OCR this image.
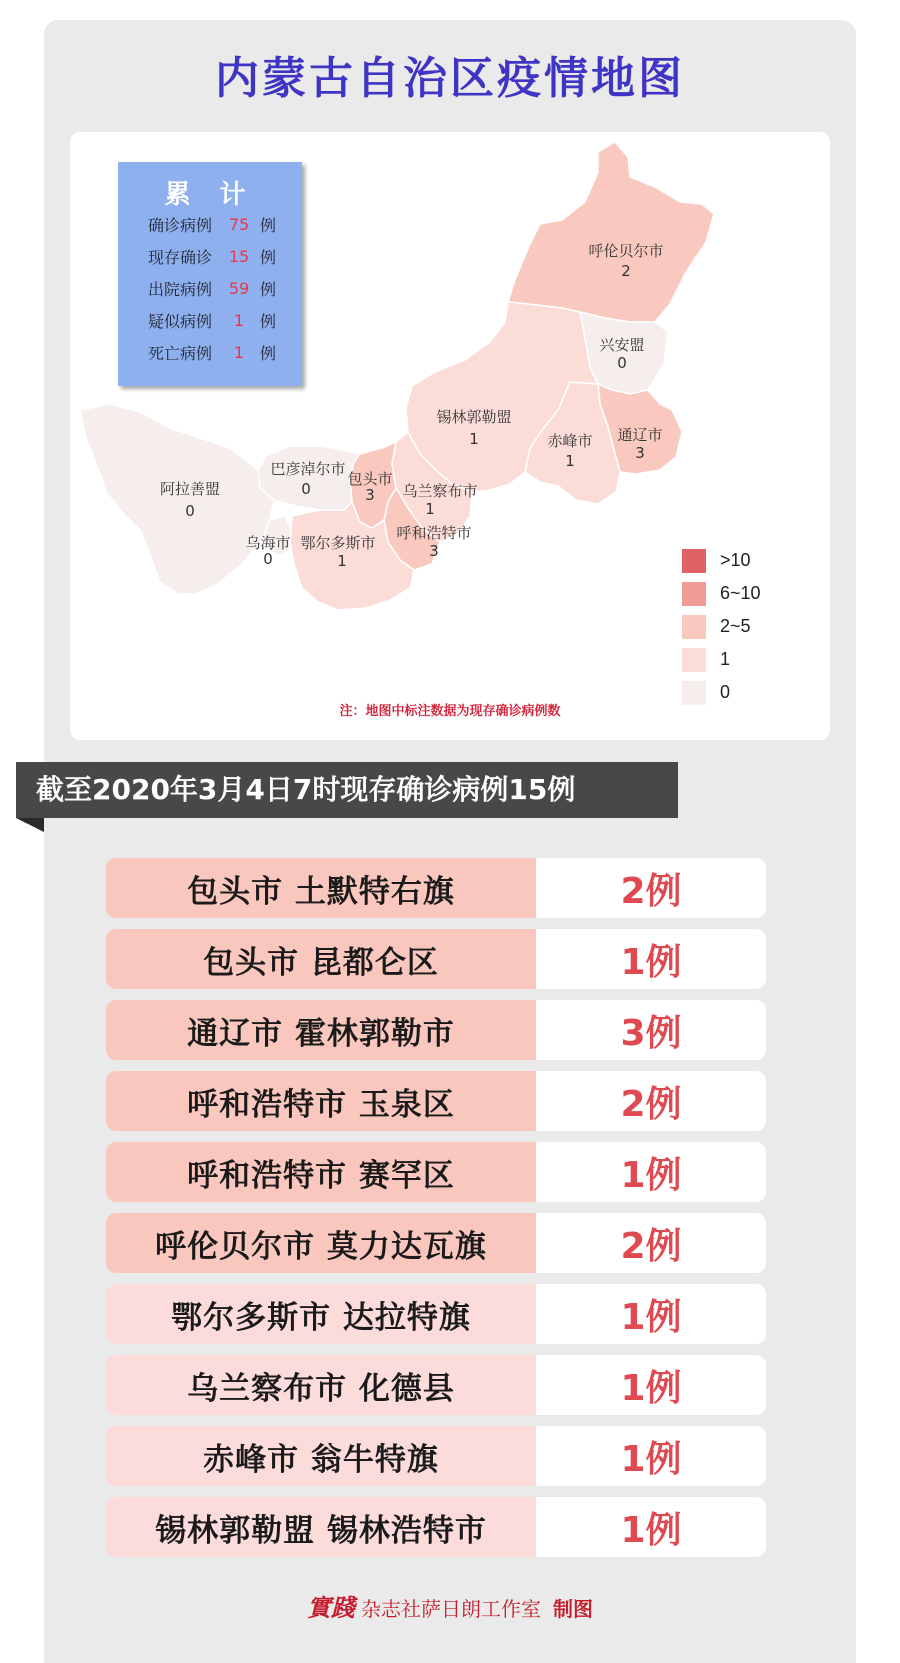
内蒙古自治区疫情地图
呼伦贝尔市
2
兴安盟
0
通辽市
3
赤峰市
1
锡林郭勒盟
1
乌兰察布市
1
呼和浩特市
3
包头市
3
巴彦淖尔市
0
阿拉善盟
0
乌海市
0
鄂尔多斯市
1
累 计
确诊病例	75 例
现存确诊	15 例
出院病例	59 例
疑似病例	1 例
死亡病例	1 例
>10
6~10
2~5
1
0
注：地图中标注数据为现存确诊病例数
截至2020年3月4日7时现存确诊病例15例
包头市 土默特右旗	2例
包头市 昆都仑区	1例
通辽市 霍林郭勒市	3例
呼和浩特市 玉泉区	2例
呼和浩特市 赛罕区	1例
呼伦贝尔市 莫力达瓦旗	2例
鄂尔多斯市 达拉特旗	1例
乌兰察布市 化德县	1例
赤峰市 翁牛特旗	1例
锡林郭勒盟 锡林浩特市	1例
實踐 杂志社萨日朗工作室 制图
